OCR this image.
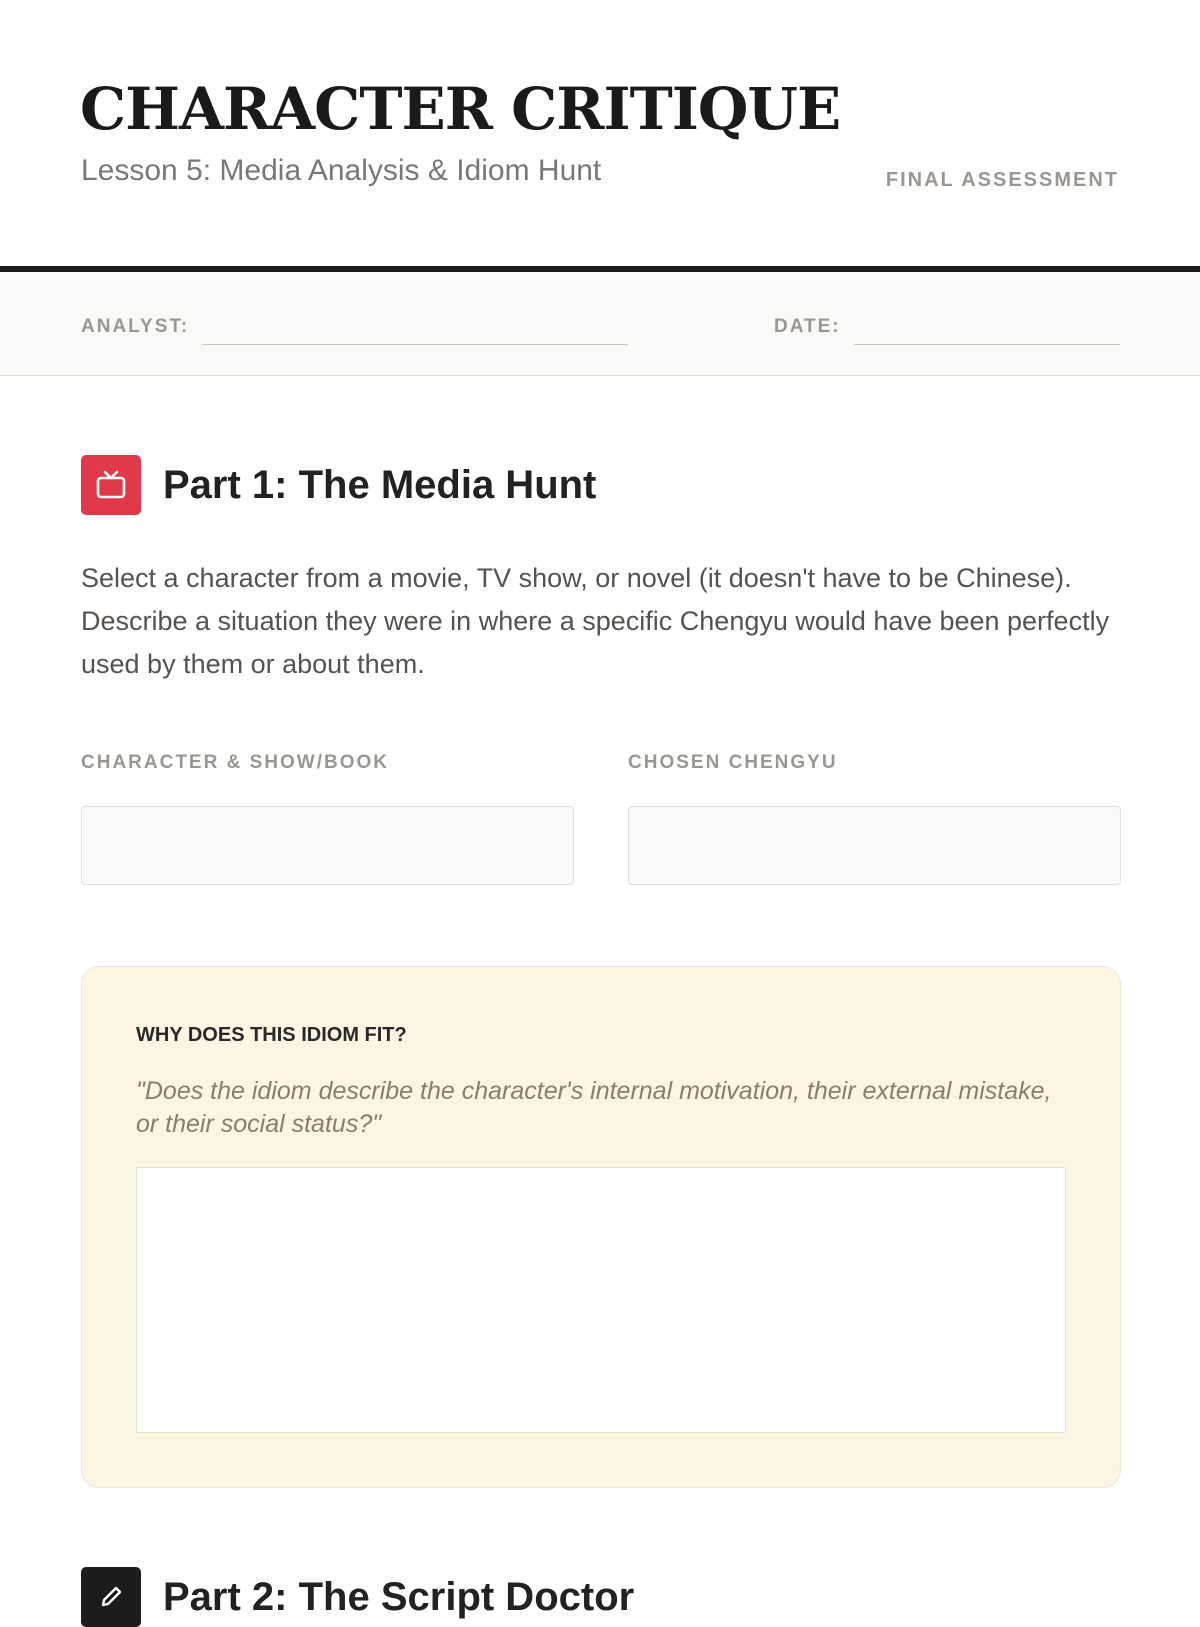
CHARACTER CRITIQUE
Lesson 5: Media Analysis & Idiom Hunt	FINAL ASSESSMENT
ANALYST:	DATE:
Part 1: The Media Hunt

Select a character from a movie, TV show, or novel (it doesn't have to be Chinese). Describe a situation they were in where a specific Chengyu would have been perfectly used by them or about them.

CHARACTER & SHOW/BOOK	CHOSEN CHENGYU
WHY DOES THIS IDIOM FIT?

"Does the idiom describe the character's internal motivation, their external mistake, or their social status?"

Part 2: The Script Doctor
